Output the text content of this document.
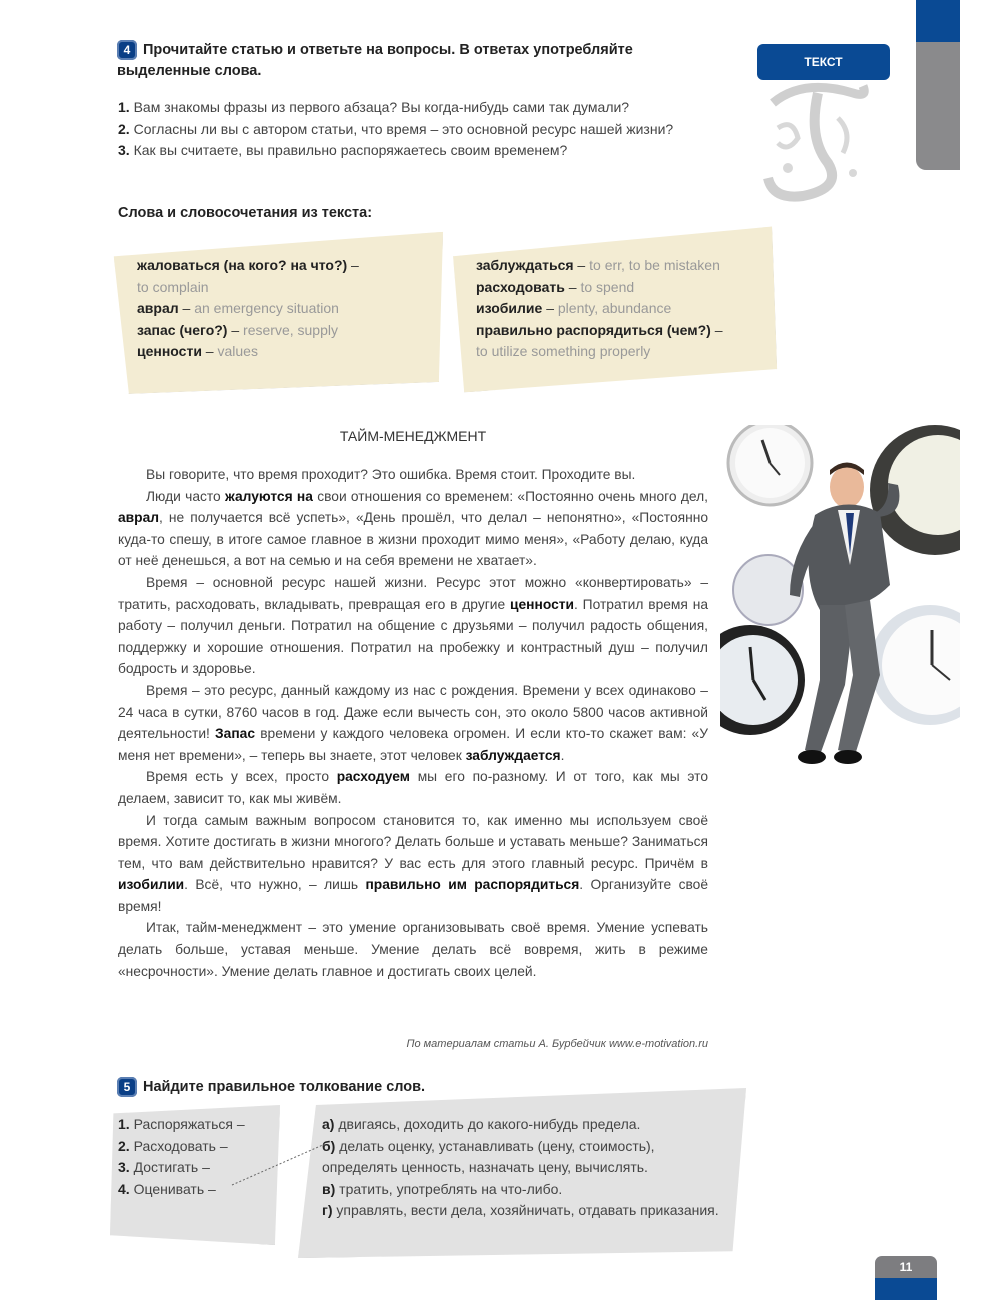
ТЕКСТ
4 Прочитайте статью и ответьте на вопросы. В ответах употребляйте выделенные слова.
1. Вам знакомы фразы из первого абзаца? Вы когда-нибудь сами так думали?
2. Согласны ли вы с автором статьи, что время – это основной ресурс нашей жизни?
3. Как вы считаете, вы правильно распоряжаетесь своим временем?
Слова и словосочетания из текста:
жаловаться (на кого? на что?) –
to complain
аврал – an emergency situation
запас (чего?) – reserve, supply
ценности – values
заблуждаться – to err, to be mistaken
расходовать – to spend
изобилие – plenty, abundance
правильно распорядиться (чем?) –
to utilize something properly
ТАЙМ-МЕНЕДЖМЕНТ

Вы говорите, что время проходит? Это ошибка. Время стоит. Проходите вы.

Люди часто жалуются на свои отношения со временем: «Постоянно очень много дел, аврал, не получается всё успеть», «День прошёл, что делал – непонятно», «Постоянно куда-то спешу, в итоге самое главное в жизни проходит мимо меня», «Работу делаю, куда от неё денешься, а вот на семью и на себя времени не хватает».

Время – основной ресурс нашей жизни. Ресурс этот можно «конвертировать» – тратить, расходовать, вкладывать, превращая его в другие ценности. Потратил время на работу – получил деньги. Потратил на общение с друзьями – получил радость общения, поддержку и хорошие отношения. Потратил на пробежку и контрастный душ – получил бодрость и здоровье.

Время – это ресурс, данный каждому из нас с рождения. Времени у всех одинаково – 24 часа в сутки, 8760 часов в год. Даже если вычесть сон, это около 5800 часов активной деятельности! Запас времени у каждого человека огромен. И если кто-то скажет вам: «У меня нет времени», – теперь вы знаете, этот человек заблуждается.

Время есть у всех, просто расходуем мы его по-разному. И от того, как мы это делаем, зависит то, как мы живём.

И тогда самым важным вопросом становится то, как именно мы используем своё время. Хотите достигать в жизни многого? Делать больше и уставать меньше? Заниматься тем, что вам действительно нравится? У вас есть для этого главный ресурс. Причём в изобилии. Всё, что нужно, – лишь правильно им распорядиться. Организуйте своё время!

Итак, тайм-менеджмент – это умение организовывать своё время. Умение успевать делать больше, уставая меньше. Умение делать всё вовремя, жить в режиме «несрочности». Умение делать главное и достигать своих целей.

По материалам статьи А. Бурбейчик www.e-motivation.ru
5 Найдите правильное толкование слов.
1. Распоряжаться –
2. Расходовать –
3. Достигать –
4. Оценивать –
а) двигаясь, доходить до какого-нибудь предела.
б) делать оценку, устанавливать (цену, стоимость), определять ценность, назначать цену, вычислять.
в) тратить, употреблять на что-либо.
г) управлять, вести дела, хозяйничать, отдавать приказания.
11
